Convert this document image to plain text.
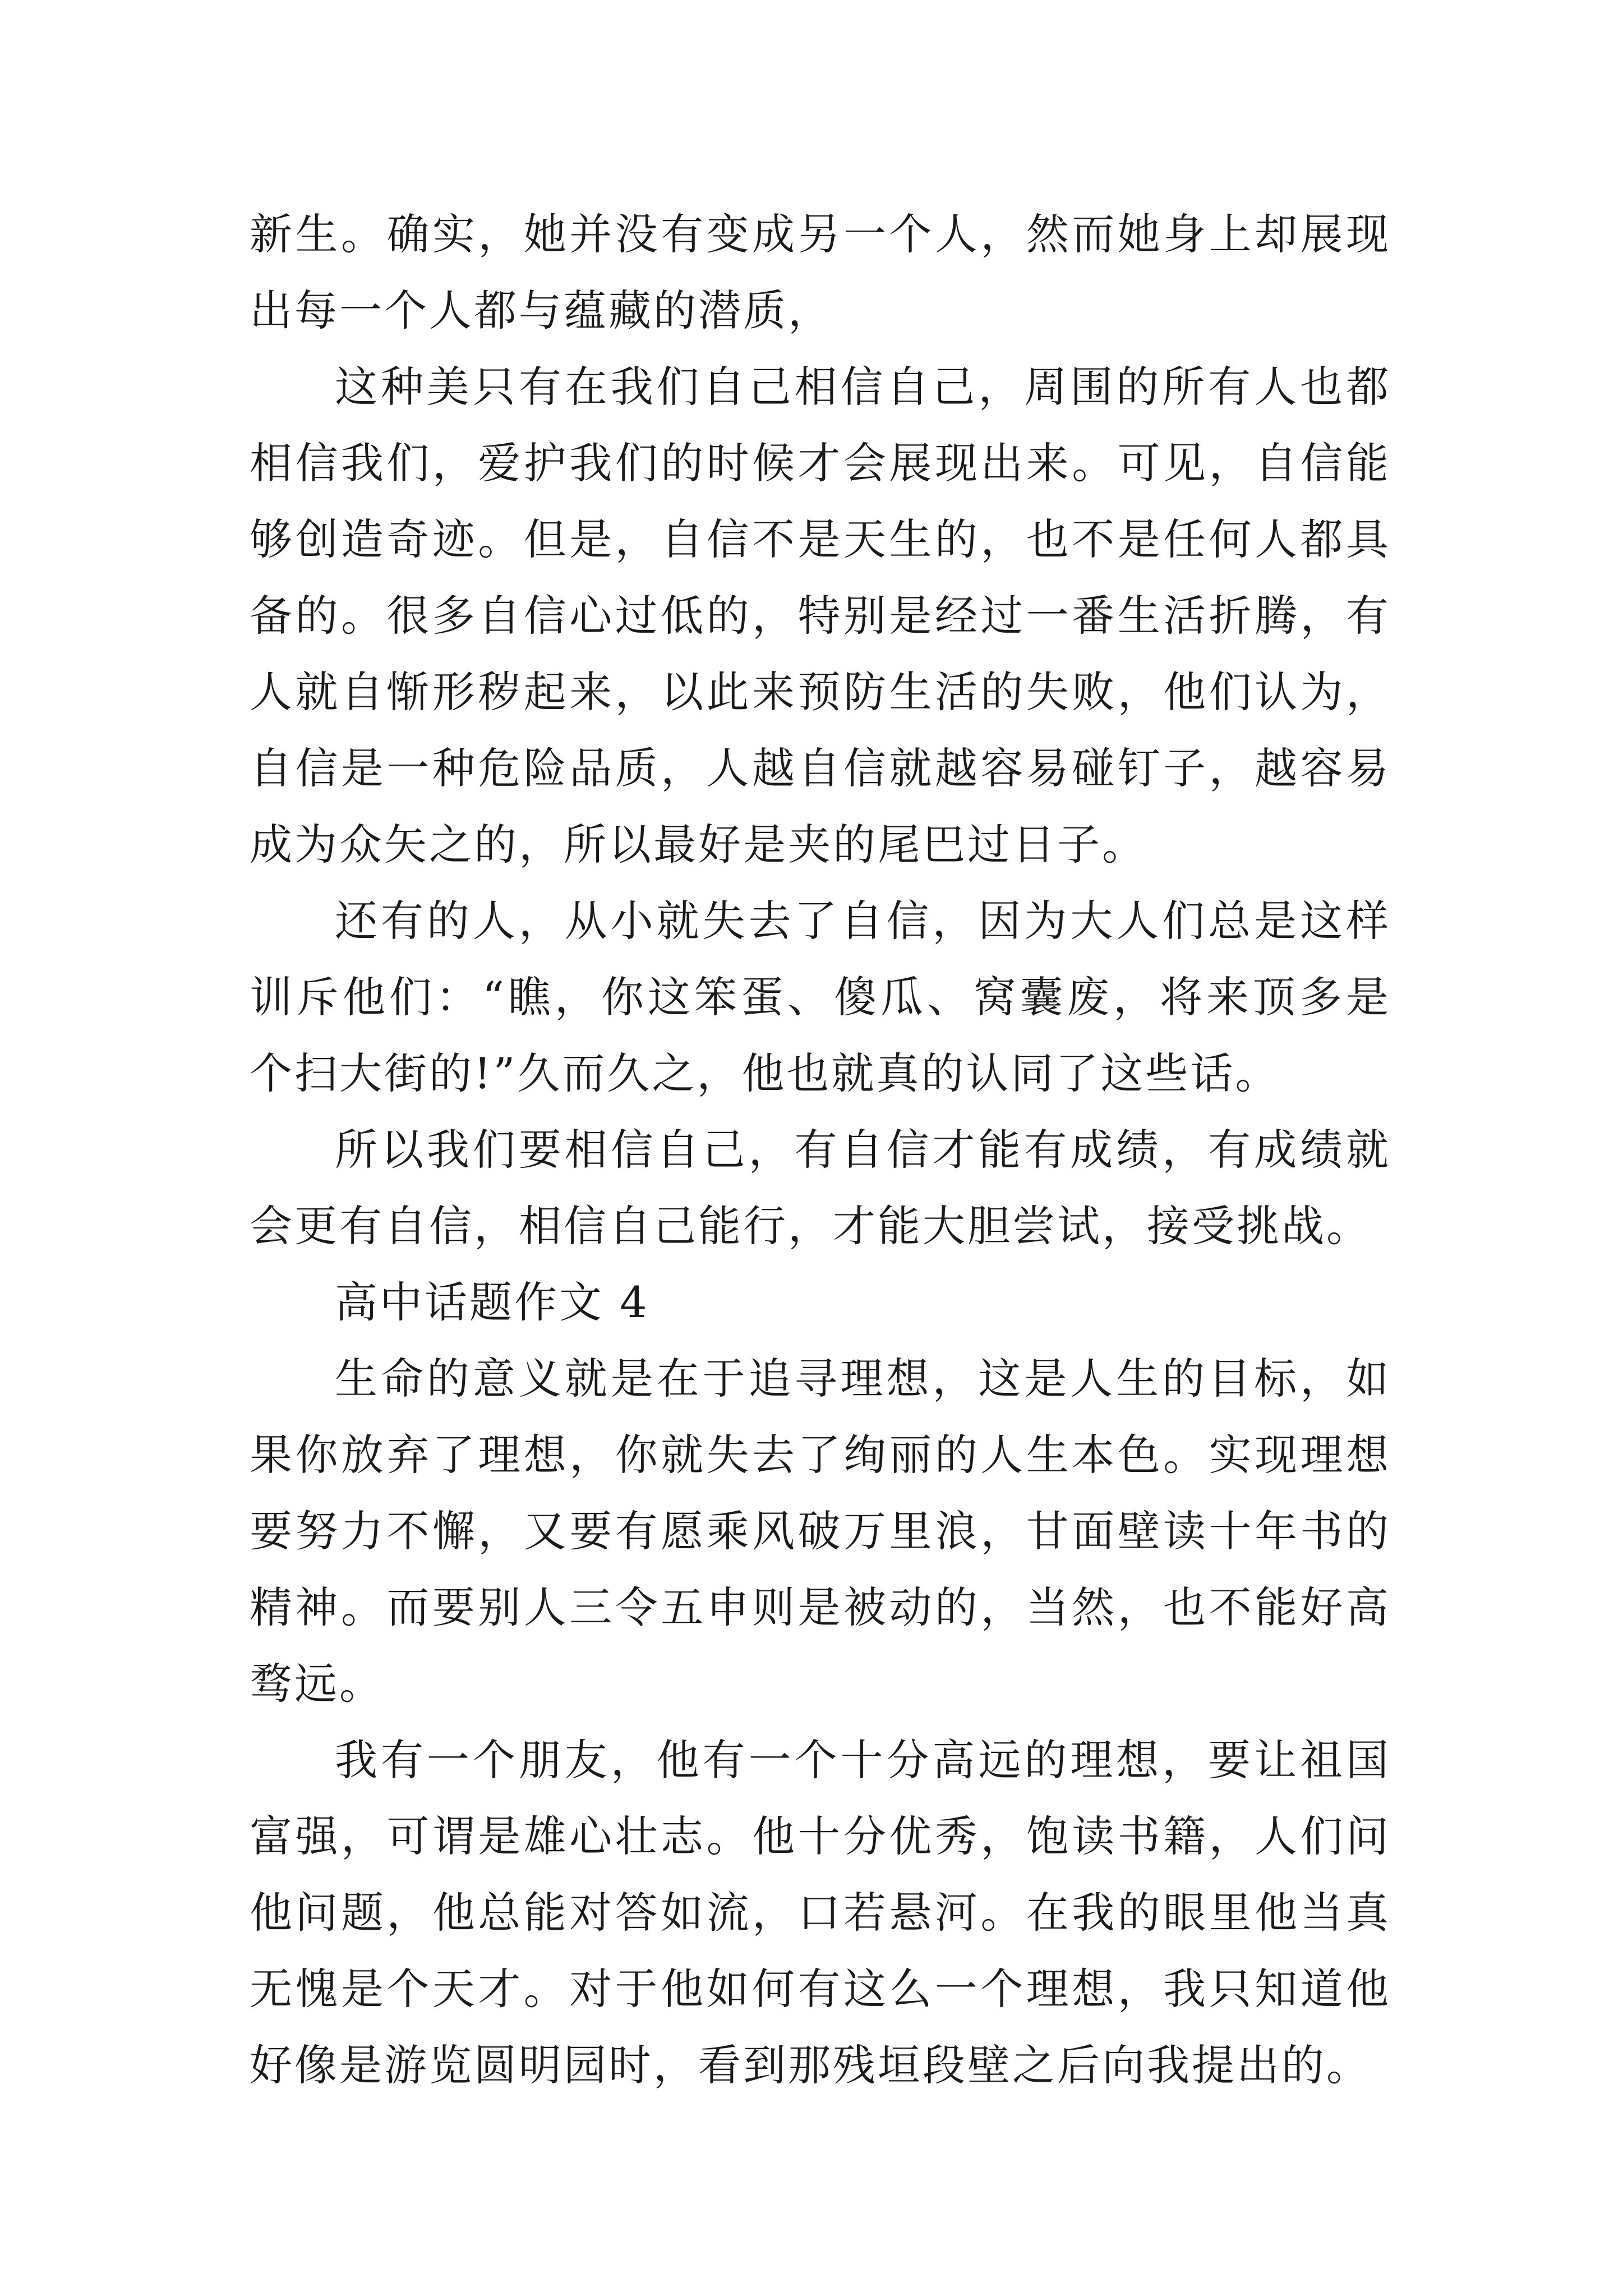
新生。确实，她并没有变成另一个人，然而她身上却展现出每一个人都与蕴藏的潜质，

这种美只有在我们自己相信自己，周围的所有人也都相信我们，爱护我们的时候才会展现出来。可见，自信能够创造奇迹。但是，自信不是天生的，也不是任何人都具备的。很多自信心过低的，特别是经过一番生活折腾，有人就自惭形秽起来，以此来预防生活的失败，他们认为，自信是一种危险品质，人越自信就越容易碰钉子，越容易成为众矢之的，所以最好是夹的尾巴过日子。

还有的人，从小就失去了自信，因为大人们总是这样训斥他们：“瞧，你这笨蛋、傻瓜、窝囊废，将来顶多是个扫大街的!”久而久之，他也就真的认同了这些话。

所以我们要相信自己，有自信才能有成绩，有成绩就会更有自信，相信自己能行，才能大胆尝试，接受挑战。

高中话题作文 4

生命的意义就是在于追寻理想，这是人生的目标，如果你放弃了理想，你就失去了绚丽的人生本色。实现理想要努力不懈，又要有愿乘风破万里浪，甘面壁读十年书的精神。而要别人三令五申则是被动的，当然，也不能好高骛远。

我有一个朋友，他有一个十分高远的理想，要让祖国富强，可谓是雄心壮志。他十分优秀，饱读书籍，人们问他问题，他总能对答如流，口若悬河。在我的眼里他当真无愧是个天才。对于他如何有这么一个理想，我只知道他好像是游览圆明园时，看到那残垣段壁之后向我提出的。
